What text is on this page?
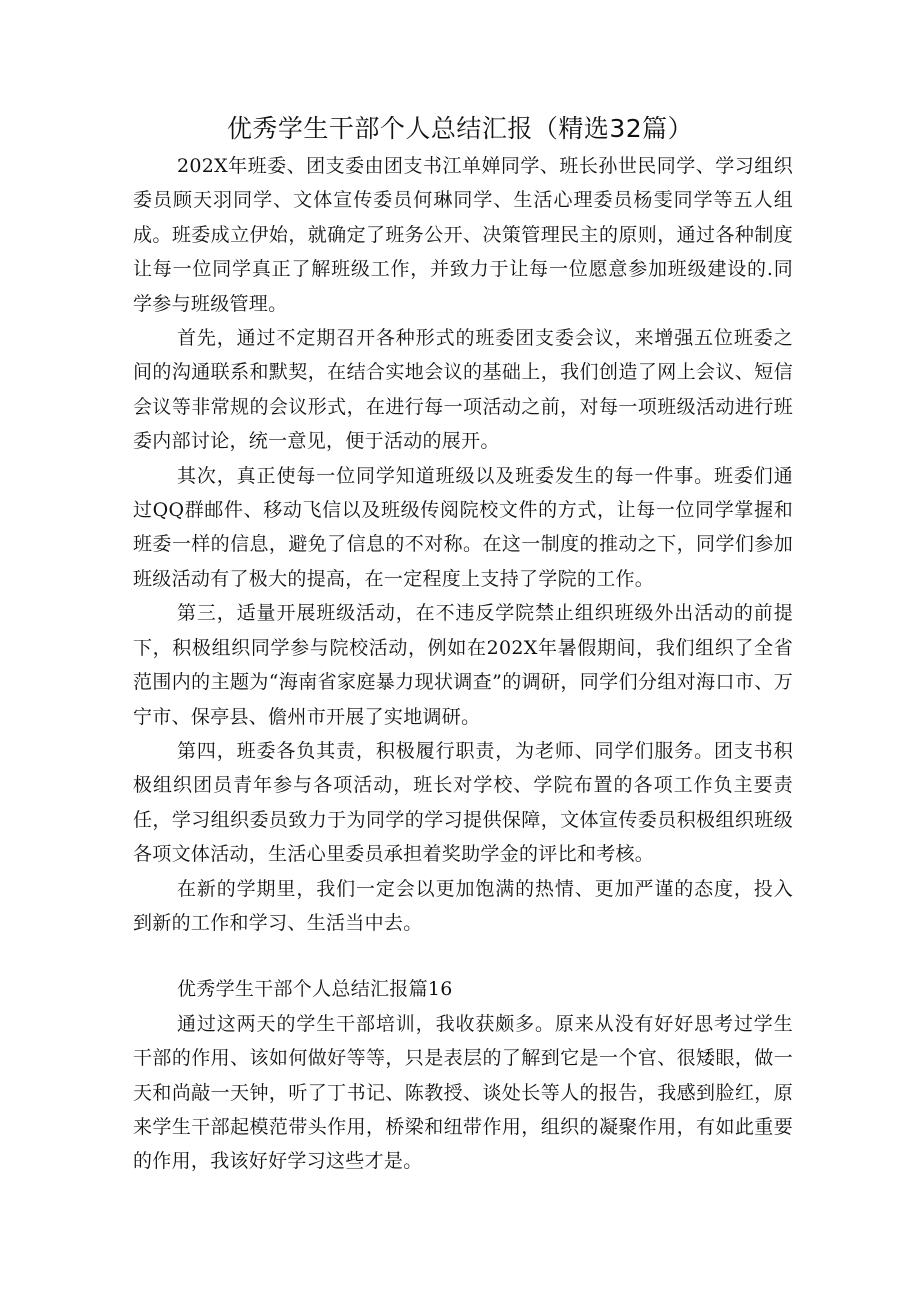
优秀学生干部个人总结汇报（精选32篇）

202X年班委、团支委由团支书江单婵同学、班长孙世民同学、学习组织委员顾天羽同学、文体宣传委员何琳同学、生活心理委员杨雯同学等五人组成。班委成立伊始，就确定了班务公开、决策管理民主的原则，通过各种制度让每一位同学真正了解班级工作，并致力于让每一位愿意参加班级建设的.同学参与班级管理。

首先，通过不定期召开各种形式的班委团支委会议，来增强五位班委之间的沟通联系和默契，在结合实地会议的基础上，我们创造了网上会议、短信会议等非常规的会议形式，在进行每一项活动之前，对每一项班级活动进行班委内部讨论，统一意见，便于活动的展开。

其次，真正使每一位同学知道班级以及班委发生的每一件事。班委们通过QQ群邮件、移动飞信以及班级传阅院校文件的方式，让每一位同学掌握和班委一样的信息，避免了信息的不对称。在这一制度的推动之下，同学们参加班级活动有了极大的提高，在一定程度上支持了学院的工作。

第三，适量开展班级活动，在不违反学院禁止组织班级外出活动的前提下，积极组织同学参与院校活动，例如在202X年暑假期间，我们组织了全省范围内的主题为“海南省家庭暴力现状调查”的调研，同学们分组对海口市、万宁市、保亭县、儋州市开展了实地调研。

第四，班委各负其责，积极履行职责，为老师、同学们服务。团支书积极组织团员青年参与各项活动，班长对学校、学院布置的各项工作负主要责任，学习组织委员致力于为同学的学习提供保障，文体宣传委员积极组织班级各项文体活动，生活心里委员承担着奖助学金的评比和考核。

在新的学期里，我们一定会以更加饱满的热情、更加严谨的态度，投入到新的工作和学习、生活当中去。

优秀学生干部个人总结汇报篇16

通过这两天的学生干部培训，我收获颇多。原来从没有好好思考过学生干部的作用、该如何做好等等，只是表层的了解到它是一个官、很矮眼，做一天和尚敲一天钟，听了丁书记、陈教授、谈处长等人的报告，我感到脸红，原来学生干部起模范带头作用，桥梁和纽带作用，组织的凝聚作用，有如此重要的作用，我该好好学习这些才是。
